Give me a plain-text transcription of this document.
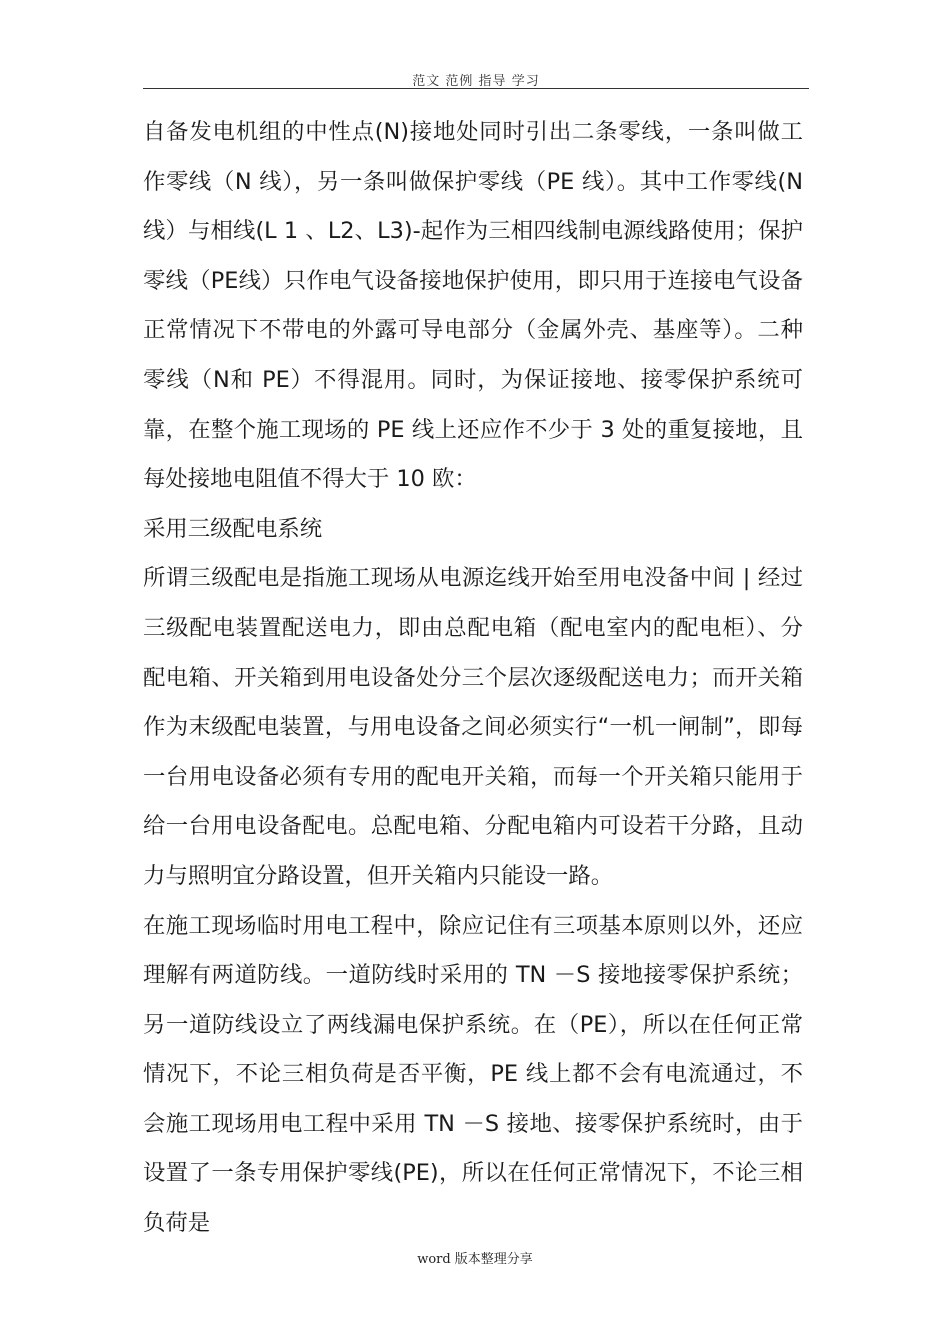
范文 范例 指导 学习

自备发电机组的中性点(N)接地处同时引出二条零线，一条叫做工作零线（N 线），另一条叫做保护零线（PE 线）。其中工作零线(N　线）与相线(L 1 、L2、L3)-起作为三相四线制电源线路使用；保护零线（PE线）只作电气设备接地保护使用，即只用于连接电气设备正常情况下不带电的外露可导电部分（金属外壳、基座等）。二种零线（N和 PE）不得混用。同时，为保证接地、接零保护系统可靠，在整个施工现场的 PE 线上还应作不少于 3 处的重复接地，且每处接地电阻值不得大于 10 欧：

采用三级配电系统

所谓三级配电是指施工现场从电源迄线开始至用电没备中间 | 经过三级配电装置配送电力，即由总配电箱（配电室内的配电柜）、分配电箱、开关箱到用电设备处分三个层次逐级配送电力；而开关箱作为末级配电装置，与用电设备之间必须实行“一机一闸制”，即每一台用电设备必须有专用的配电开关箱，而每一个开关箱只能用于给一台用电设备配电。总配电箱、分配电箱内可设若干分路，且动力与照明宜分路设置，但开关箱内只能设一路。

在施工现场临时用电工程中，除应记住有三项基本原则以外，还应理解有两道防线。一道防线时采用的 TN －S 接地接零保护系统；另一道防线设立了两线漏电保护系统。在（PE），所以在任何正常情况下，不论三相负荷是否平衡，PE 线上都不会有电流通过，不会施工现场用电工程中采用 TN －S 接地、接零保护系统时，由于设置了一条专用保护零线(PE)，所以在任何正常情况下，不论三相负荷是

word 版本整理分享
